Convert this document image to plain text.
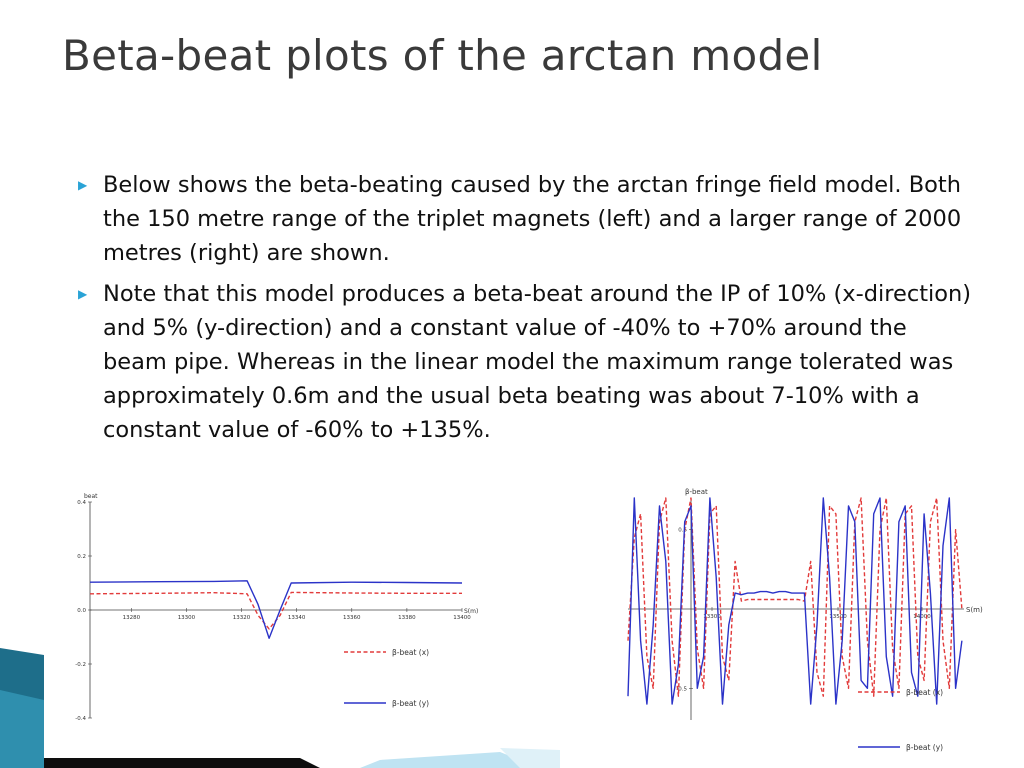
Beta-beat plots of the arctan model
▶ Below shows the beta-beating caused by the arctan fringe field model. Both the 150 metre range of the triplet magnets (left) and a larger range of 2000 metres (right) are shown.
▶ Note that this model produces a beta-beat around the IP of 10% (x-direction) and 5% (y-direction) and a constant value of -40% to +70% around the beam pipe. Whereas in the linear model the maximum range tolerated was approximately 0.6m and the usual beta beating was about 7-10% with a constant value of -60% to +135%.
beat
S(m)
13280	13300	13320	13340	13360	13380	13400
0.4
0.2
0.0
-0.2
-0.4
β-beat (x)
β-beat (y)
β-beat
S(m)
13300	13500	14000
0.5
-0.5	β-beat (x)
β-beat (y)
